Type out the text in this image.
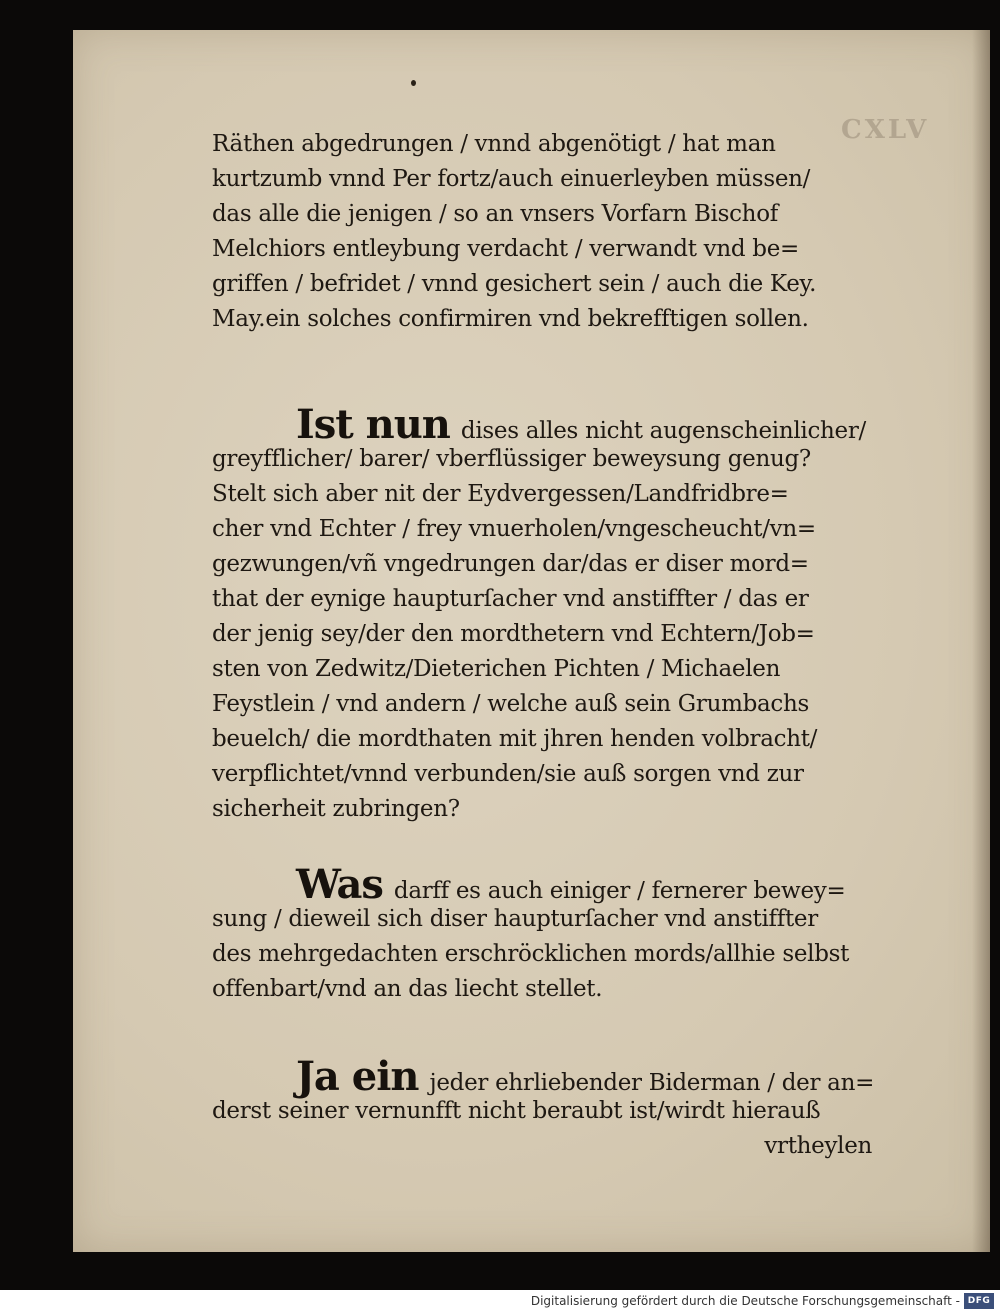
CXLV
Räthen abgedrungen / vnnd abgenötigt / hat man
kurtzumb vnnd Per fortz/auch einuerleyben müssen/
das alle die jenigen / so an vnsers Vorfarn Bischof
Melchiors entleybung verdacht / verwandt vnd be=
griffen / befridet / vnnd gesichert sein / auch die Key.
May.ein solches confirmiren vnd bekrefftigen sollen.
Ist nun dises alles nicht augenscheinlicher/
greyfflicher/ barer/ vberflüssiger beweysung genug?
Stelt sich aber nit der Eydvergessen/Landfridbre=
cher vnd Echter / frey vnuerholen/vngescheucht/vn=
gezwungen/vñ vngedrungen dar/das er diser mord=
that der eynige haupturſacher vnd anstiffter / das er
der jenig sey/der den mordthetern vnd Echtern/Job=
sten von Zedwitz/Dieterichen Pichten / Michaelen
Feystlein / vnd andern / welche auß sein Grumbachs
beuelch/ die mordthaten mit jhren henden volbracht/
verpflichtet/vnnd verbunden/sie auß sorgen vnd zur
sicherheit zubringen?
Was darff es auch einiger / fernerer bewey=
sung / dieweil sich diser haupturſacher vnd anstiffter
des mehrgedachten erschröcklichen mords/allhie selbst
offenbart/vnd an das liecht stellet.
Ja ein jeder ehrliebender Biderman / der an=
derst seiner vernunfft nicht beraubt ist/wirdt hierauß
vrtheylen
Digitalisierung gefördert durch die Deutsche Forschungsgemeinschaft - DFG
